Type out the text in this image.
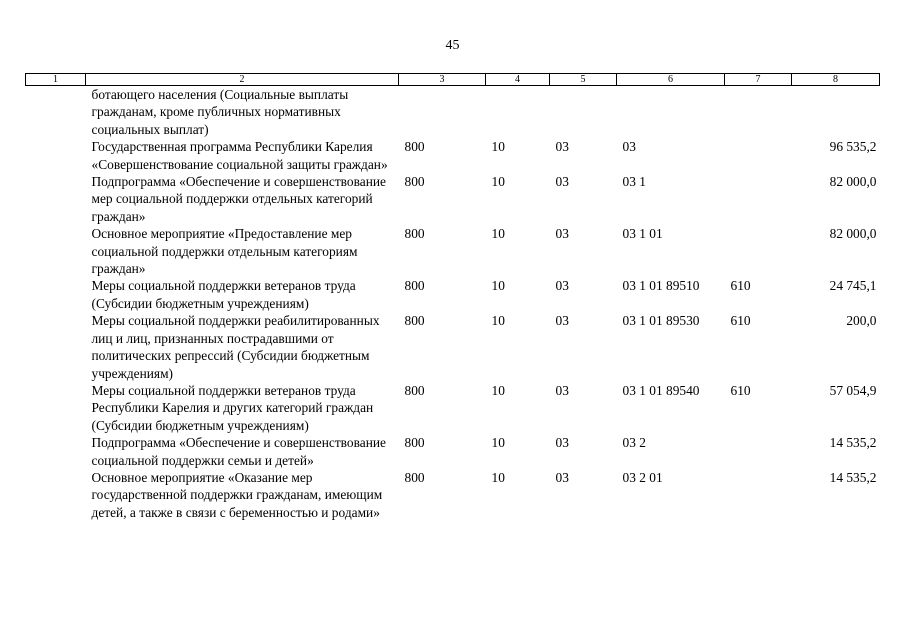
45
1	2	3	4	5	6	7	8
	ботающего населения (Социальные выплаты гражданам, кроме публичных нормативных социальных выплат)						
	Государственная программа Республики Карелия «Совершенствование социальной защиты граждан»	800	10	03	03		96 535,2
	Подпрограмма «Обеспечение и совершенствование мер социальной поддержки отдельных категорий граждан»	800	10	03	03 1		82 000,0
	Основное мероприятие «Предоставление мер социальной поддержки отдельным категориям граждан»	800	10	03	03 1 01		82 000,0
	Меры социальной поддержки ветеранов труда (Субсидии бюджетным учреждениям)	800	10	03	03 1 01 89510	610	24 745,1
	Меры социальной поддержки реабилитированных лиц и лиц, признанных пострадавшими от политических репрессий (Субсидии бюджетным учреждениям)	800	10	03	03 1 01 89530	610	200,0
	Меры социальной поддержки ветеранов труда Республики Карелия и других категорий граждан (Субсидии бюджетным учреждениям)	800	10	03	03 1 01 89540	610	57 054,9
	Подпрограмма «Обеспечение и совершенствование социальной поддержки семьи и детей»	800	10	03	03 2		14 535,2
	Основное мероприятие «Оказание мер государственной поддержки гражданам, имеющим детей, а также в связи с беременностью и родами»	800	10	03	03 2 01		14 535,2
